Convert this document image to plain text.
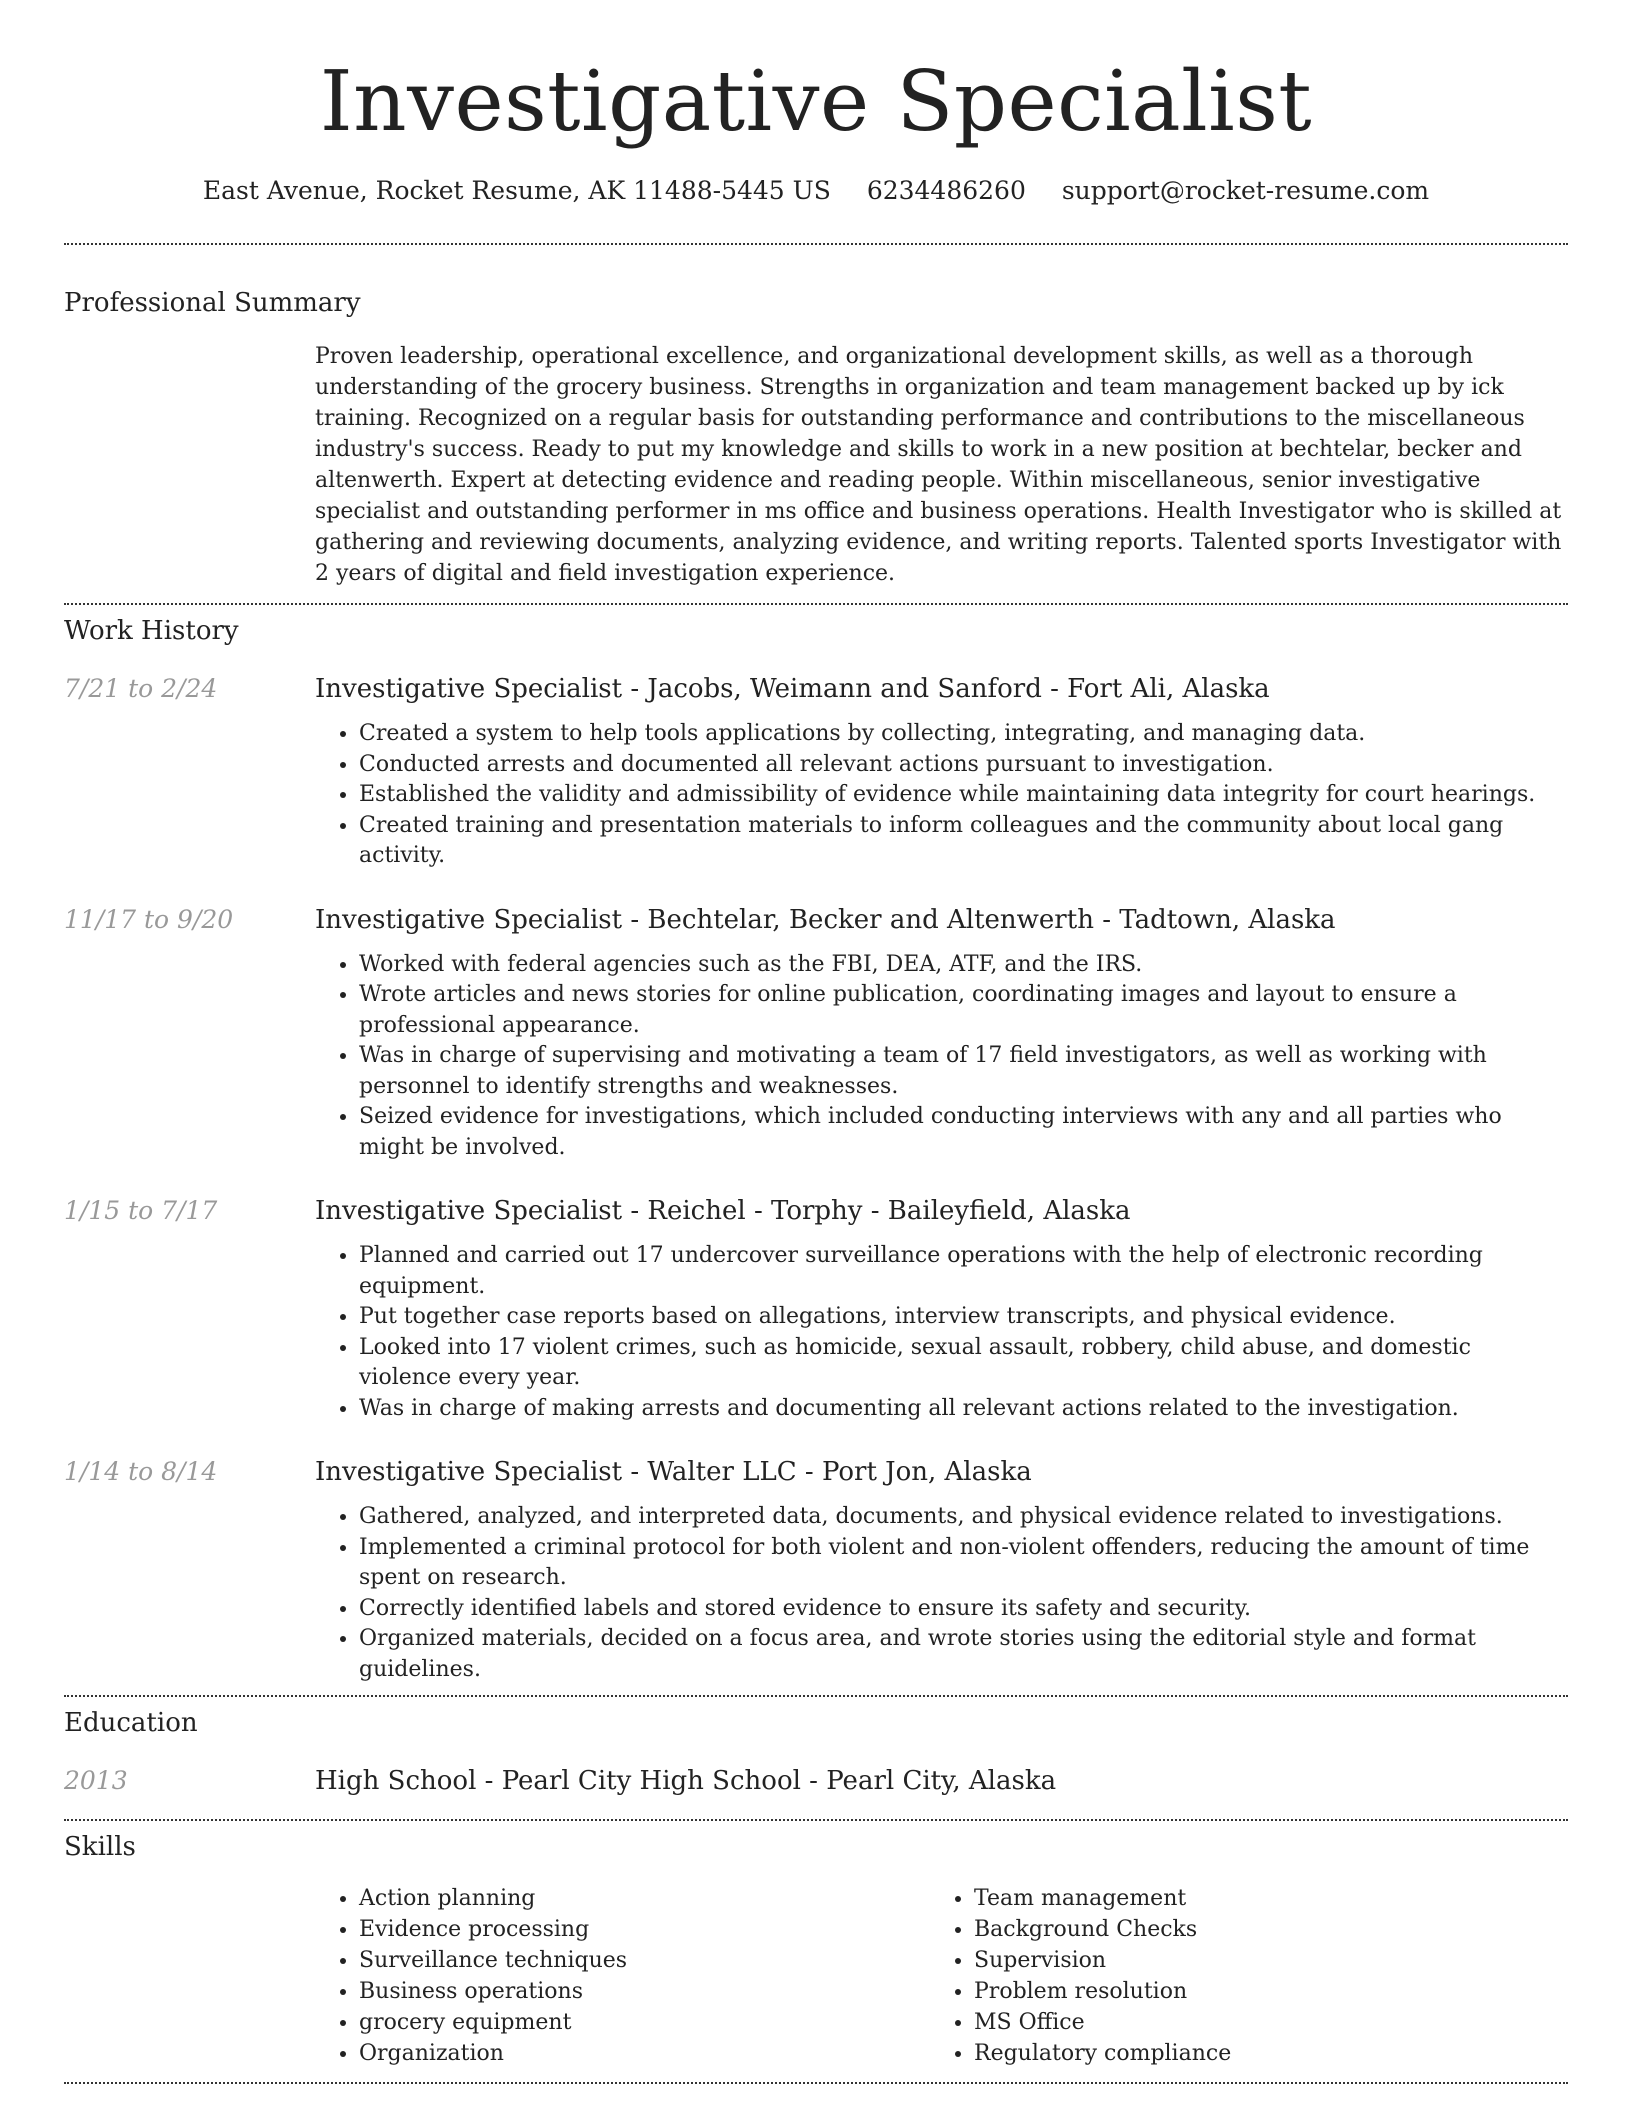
Investigative Specialist
East Avenue, Rocket Resume, AK 11488-5445 US 6234486260 support@rocket-resume.com
Professional Summary

Proven leadership, operational excellence, and organizational development skills, as well as a thorough understanding of the grocery business. Strengths in organization and team management backed up by ick training. Recognized on a regular basis for outstanding performance and contributions to the miscellaneous industry's success. Ready to put my knowledge and skills to work in a new position at bechtelar, becker and altenwerth. Expert at detecting evidence and reading people. Within miscellaneous, senior investigative specialist and outstanding performer in ms office and business operations. Health Investigator who is skilled at gathering and reviewing documents, analyzing evidence, and writing reports. Talented sports Investigator with 2 years of digital and field investigation experience.

Work History
7/21 to 2/24	Investigative Specialist - Jacobs, Weimann and Sanford - Fort Ali, Alaska
• Created a system to help tools applications by collecting, integrating, and managing data.
• Conducted arrests and documented all relevant actions pursuant to investigation.
• Established the validity and admissibility of evidence while maintaining data integrity for court hearings.
• Created training and presentation materials to inform colleagues and the community about local gang activity.
11/17 to 9/20	Investigative Specialist - Bechtelar, Becker and Altenwerth - Tadtown, Alaska
• Worked with federal agencies such as the FBI, DEA, ATF, and the IRS.
• Wrote articles and news stories for online publication, coordinating images and layout to ensure a professional appearance.
• Was in charge of supervising and motivating a team of 17 field investigators, as well as working with personnel to identify strengths and weaknesses.
• Seized evidence for investigations, which included conducting interviews with any and all parties who might be involved.
1/15 to 7/17	Investigative Specialist - Reichel - Torphy - Baileyfield, Alaska
• Planned and carried out 17 undercover surveillance operations with the help of electronic recording equipment.
• Put together case reports based on allegations, interview transcripts, and physical evidence.
• Looked into 17 violent crimes, such as homicide, sexual assault, robbery, child abuse, and domestic violence every year.
• Was in charge of making arrests and documenting all relevant actions related to the investigation.
1/14 to 8/14	Investigative Specialist - Walter LLC - Port Jon, Alaska
• Gathered, analyzed, and interpreted data, documents, and physical evidence related to investigations.
• Implemented a criminal protocol for both violent and non-violent offenders, reducing the amount of time spent on research.
• Correctly identified labels and stored evidence to ensure its safety and security.
• Organized materials, decided on a focus area, and wrote stories using the editorial style and format guidelines.
Education
2013	High School - Pearl City High School - Pearl City, Alaska
Skills
• Action planning
• Evidence processing
• Surveillance techniques
• Business operations
• grocery equipment
• Organization
• Team management
• Background Checks
• Supervision
• Problem resolution
• MS Office
• Regulatory compliance
